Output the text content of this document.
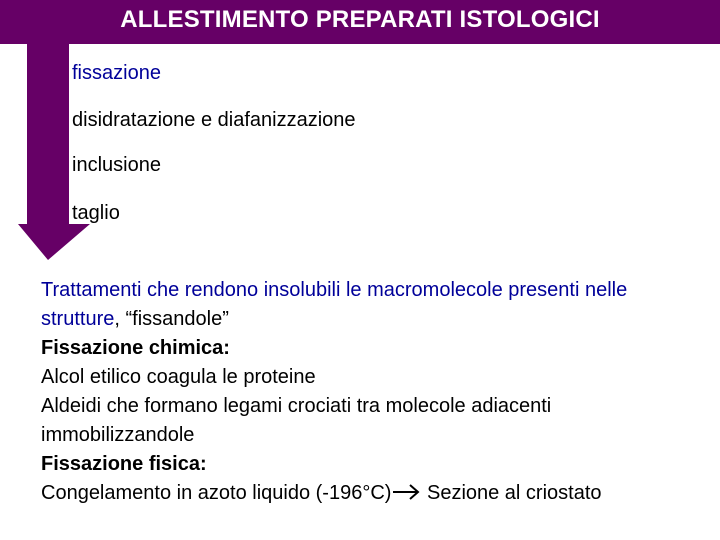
ALLESTIMENTO PREPARATI ISTOLOGICI
fissazione
disidratazione e diafanizzazione
inclusione
taglio

Trattamenti che rendono insolubili le macromolecole presenti nelle strutture, “fissandole”

Fissazione chimica:

Alcol etilico coagula le proteine

Aldeidi che formano legami crociati tra molecole adiacenti immobilizzandole

Fissazione fisica:

Congelamento in azoto liquido (-196°C) Sezione al criostato
